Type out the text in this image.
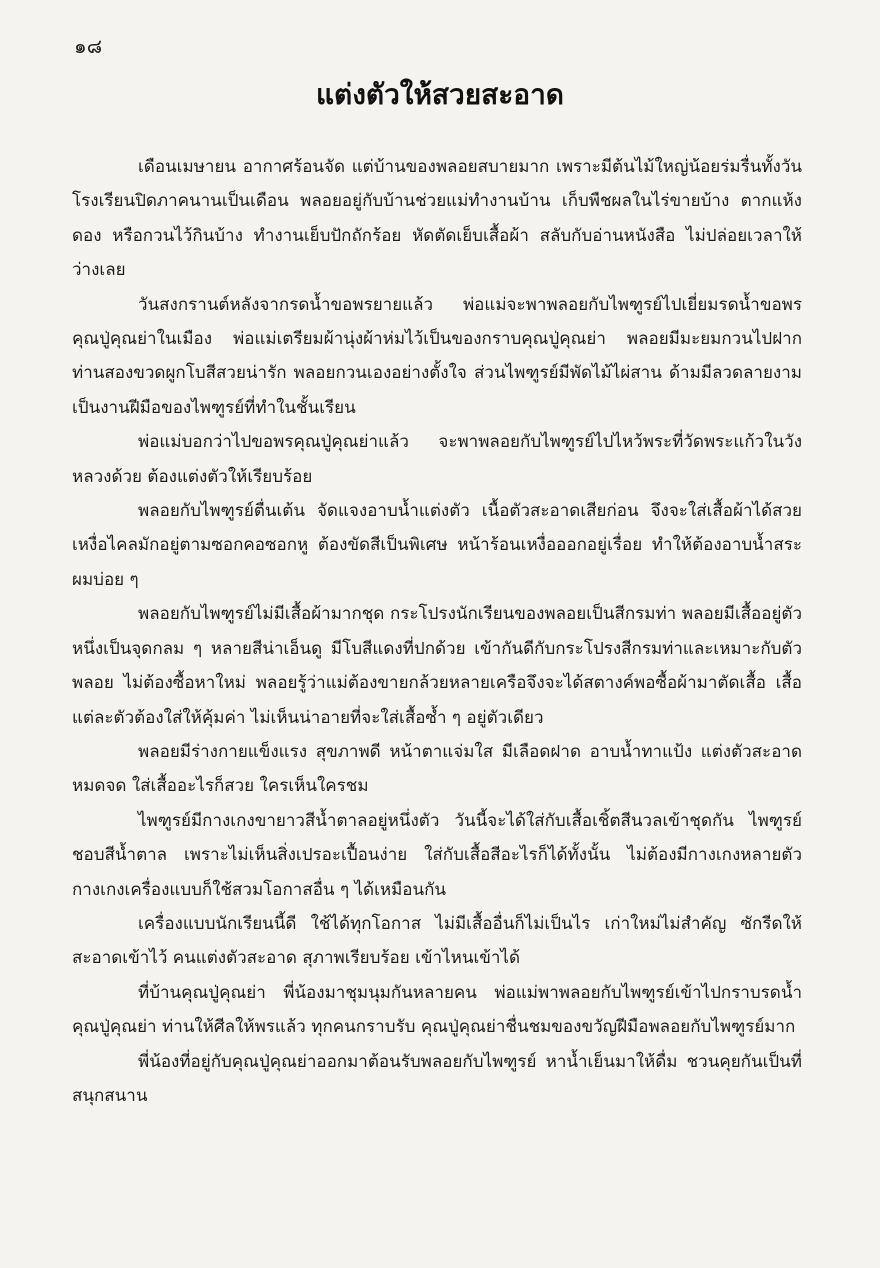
๑๘
แต่งตัวให้สวยสะอาด

เดือนเมษายน อากาศร้อนจัด แต่บ้านของพลอยสบายมาก เพราะมีต้นไม้ใหญ่น้อยร่มรื่นทั้งวัน โรงเรียนปิดภาคนานเป็นเดือน พลอยอยู่กับบ้านช่วยแม่ทำงานบ้าน เก็บพืชผลในไร่ขายบ้าง ตากแห้ง ดอง หรือกวนไว้กินบ้าง ทำงานเย็บปักถักร้อย หัดตัดเย็บเสื้อผ้า สลับกับอ่านหนังสือ ไม่ปล่อยเวลาให้ว่างเลย

วันสงกรานต์หลังจากรดน้ำขอพรยายแล้ว พ่อแม่จะพาพลอยกับไพฑูรย์ไปเยี่ยมรดน้ำขอพรคุณปู่คุณย่าในเมือง พ่อแม่เตรียมผ้านุ่งผ้าห่มไว้เป็นของกราบคุณปู่คุณย่า พลอยมีมะยมกวนไปฝากท่านสองขวดผูกโบสีสวยน่ารัก พลอยกวนเองอย่างตั้งใจ ส่วนไพฑูรย์มีพัดไม้ไผ่สาน ด้ามมีลวดลายงาม เป็นงานฝีมือของไพฑูรย์ที่ทำในชั้นเรียน

พ่อแม่บอกว่าไปขอพรคุณปู่คุณย่าแล้ว จะพาพลอยกับไพฑูรย์ไปไหว้พระที่วัดพระแก้วในวังหลวงด้วย ต้องแต่งตัวให้เรียบร้อย

พลอยกับไพฑูรย์ตื่นเต้น จัดแจงอาบน้ำแต่งตัว เนื้อตัวสะอาดเสียก่อน จึงจะใส่เสื้อผ้าได้สวย เหงื่อไคลมักอยู่ตามซอกคอซอกหู ต้องขัดสีเป็นพิเศษ หน้าร้อนเหงื่อออกอยู่เรื่อย ทำให้ต้องอาบน้ำสระผมบ่อย ๆ

พลอยกับไพฑูรย์ไม่มีเสื้อผ้ามากชุด กระโปรงนักเรียนของพลอยเป็นสีกรมท่า พลอยมีเสื้ออยู่ตัวหนึ่งเป็นจุดกลม ๆ หลายสีน่าเอ็นดู มีโบสีแดงที่ปกด้วย เข้ากันดีกับกระโปรงสีกรมท่าและเหมาะกับตัวพลอย ไม่ต้องซื้อหาใหม่ พลอยรู้ว่าแม่ต้องขายกล้วยหลายเครือจึงจะได้สตางค์พอซื้อผ้ามาตัดเสื้อ เสื้อแต่ละตัวต้องใส่ให้คุ้มค่า ไม่เห็นน่าอายที่จะใส่เสื้อซ้ำ ๆ อยู่ตัวเดียว

พลอยมีร่างกายแข็งแรง สุขภาพดี หน้าตาแจ่มใส มีเลือดฝาด อาบน้ำทาแป้ง แต่งตัวสะอาดหมดจด ใส่เสื้ออะไรก็สวย ใครเห็นใครชม

ไพฑูรย์มีกางเกงขายาวสีน้ำตาลอยู่หนึ่งตัว วันนี้จะได้ใส่กับเสื้อเชิ้ตสีนวลเข้าชุดกัน ไพฑูรย์ชอบสีน้ำตาล เพราะไม่เห็นสิ่งเปรอะเปื้อนง่าย ใส่กับเสื้อสีอะไรก็ได้ทั้งนั้น ไม่ต้องมีกางเกงหลายตัว กางเกงเครื่องแบบก็ใช้สวมโอกาสอื่น ๆ ได้เหมือนกัน

เครื่องแบบนักเรียนนี้ดี ใช้ได้ทุกโอกาส ไม่มีเสื้ออื่นก็ไม่เป็นไร เก่าใหม่ไม่สำคัญ ซักรีดให้สะอาดเข้าไว้ คนแต่งตัวสะอาด สุภาพเรียบร้อย เข้าไหนเข้าได้

ที่บ้านคุณปู่คุณย่า พี่น้องมาชุมนุมกันหลายคน พ่อแม่พาพลอยกับไพฑูรย์เข้าไปกราบรดน้ำคุณปู่คุณย่า ท่านให้ศีลให้พรแล้ว ทุกคนกราบรับ คุณปู่คุณย่าชื่นชมของขวัญฝีมือพลอยกับไพฑูรย์มาก

พี่น้องที่อยู่กับคุณปู่คุณย่าออกมาต้อนรับพลอยกับไพฑูรย์ หาน้ำเย็นมาให้ดื่ม ชวนคุยกันเป็นที่สนุกสนาน
